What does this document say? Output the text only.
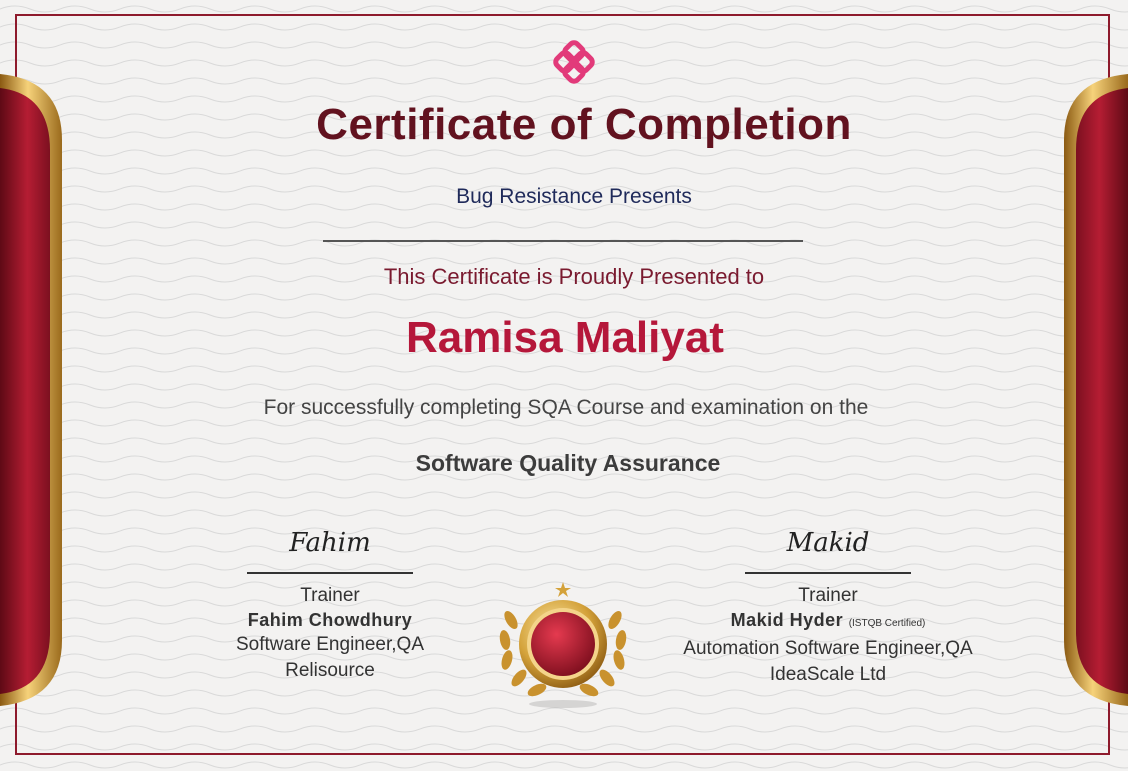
Certificate of Completion
Bug Resistance Presents
This Certificate is Proudly Presented to
Ramisa Maliyat
For successfully completing SQA Course and examination on the
Software Quality Assurance
Fahim
Trainer
Fahim Chowdhury
Software Engineer,QA
Relisource
Makid
Trainer
Makid Hyder (ISTQB Certified)
Automation Software Engineer,QA
IdeaScale Ltd
